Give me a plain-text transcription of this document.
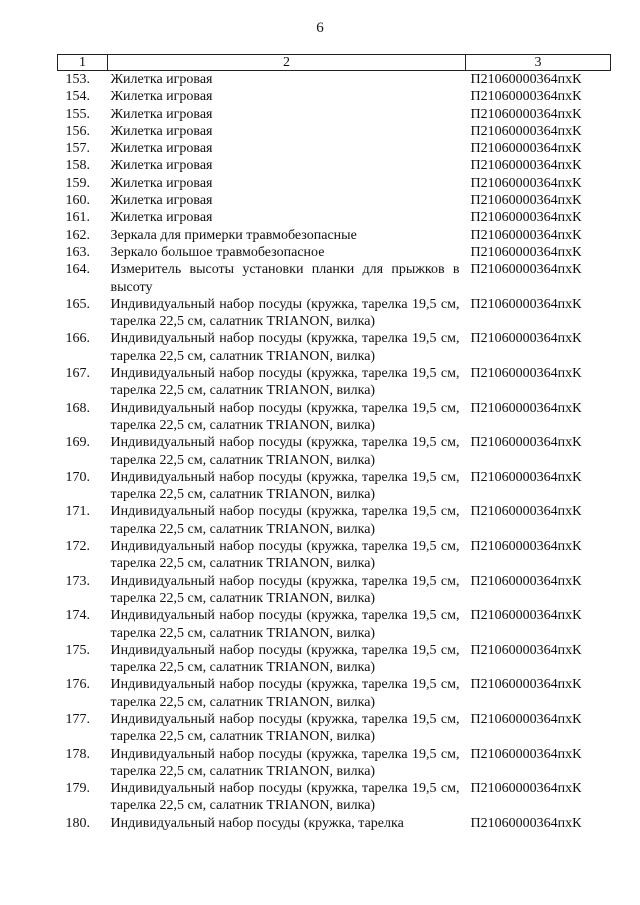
6
1	2	3
153.	Жилетка игровая	П21060000364пхК
154.	Жилетка игровая	П21060000364пхК
155.	Жилетка игровая	П21060000364пхК
156.	Жилетка игровая	П21060000364пхК
157.	Жилетка игровая	П21060000364пхК
158.	Жилетка игровая	П21060000364пхК
159.	Жилетка игровая	П21060000364пхК
160.	Жилетка игровая	П21060000364пхК
161.	Жилетка игровая	П21060000364пхК
162.	Зеркала для примерки травмобезопасные	П21060000364пхК
163.	Зеркало большое травмобезопасное	П21060000364пхК
164.	Измеритель высоты установки планки для прыжков в высоту	П21060000364пхК
165.	Индивидуальный набор посуды (кружка, тарелка 19,5 см, тарелка 22,5 см, салатник TRIANON, вилка)	П21060000364пхК
166.	Индивидуальный набор посуды (кружка, тарелка 19,5 см, тарелка 22,5 см, салатник TRIANON, вилка)	П21060000364пхК
167.	Индивидуальный набор посуды (кружка, тарелка 19,5 см, тарелка 22,5 см, салатник TRIANON, вилка)	П21060000364пхК
168.	Индивидуальный набор посуды (кружка, тарелка 19,5 см, тарелка 22,5 см, салатник TRIANON, вилка)	П21060000364пхК
169.	Индивидуальный набор посуды (кружка, тарелка 19,5 см, тарелка 22,5 см, салатник TRIANON, вилка)	П21060000364пхК
170.	Индивидуальный набор посуды (кружка, тарелка 19,5 см, тарелка 22,5 см, салатник TRIANON, вилка)	П21060000364пхК
171.	Индивидуальный набор посуды (кружка, тарелка 19,5 см, тарелка 22,5 см, салатник TRIANON, вилка)	П21060000364пхК
172.	Индивидуальный набор посуды (кружка, тарелка 19,5 см, тарелка 22,5 см, салатник TRIANON, вилка)	П21060000364пхК
173.	Индивидуальный набор посуды (кружка, тарелка 19,5 см, тарелка 22,5 см, салатник TRIANON, вилка)	П21060000364пхК
174.	Индивидуальный набор посуды (кружка, тарелка 19,5 см, тарелка 22,5 см, салатник TRIANON, вилка)	П21060000364пхК
175.	Индивидуальный набор посуды (кружка, тарелка 19,5 см, тарелка 22,5 см, салатник TRIANON, вилка)	П21060000364пхК
176.	Индивидуальный набор посуды (кружка, тарелка 19,5 см, тарелка 22,5 см, салатник TRIANON, вилка)	П21060000364пхК
177.	Индивидуальный набор посуды (кружка, тарелка 19,5 см, тарелка 22,5 см, салатник TRIANON, вилка)	П21060000364пхК
178.	Индивидуальный набор посуды (кружка, тарелка 19,5 см, тарелка 22,5 см, салатник TRIANON, вилка)	П21060000364пхК
179.	Индивидуальный набор посуды (кружка, тарелка 19,5 см, тарелка 22,5 см, салатник TRIANON, вилка)	П21060000364пхК
180.	Индивидуальный набор посуды (кружка, тарелка	П21060000364пхК
